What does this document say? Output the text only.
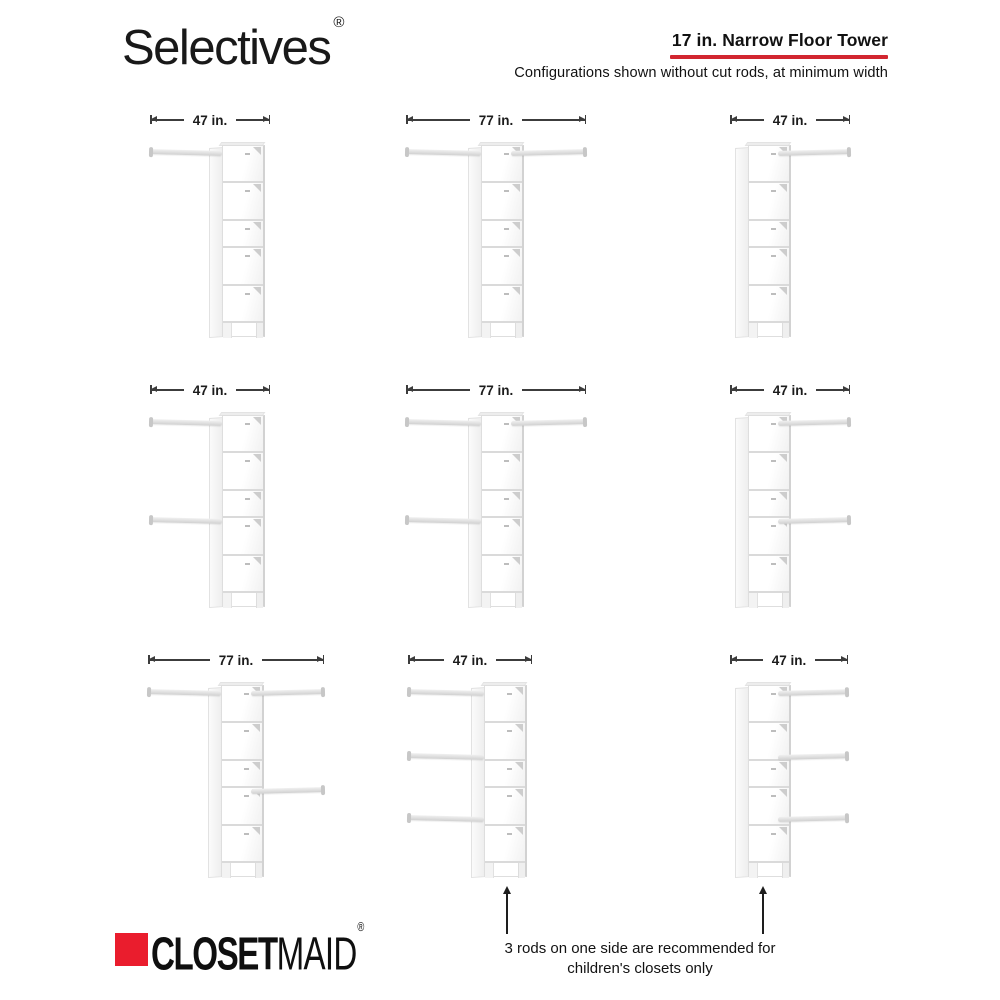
Selectives ®
17 in. Narrow Floor Tower
Configurations shown without cut rods, at minimum width
47 in.	77 in.	47 in.
47 in.	77 in.	47 in.
77 in.	47 in.	47 in.
3 rods on one side are recommended for
children's closets only
CLOSETMAID®
